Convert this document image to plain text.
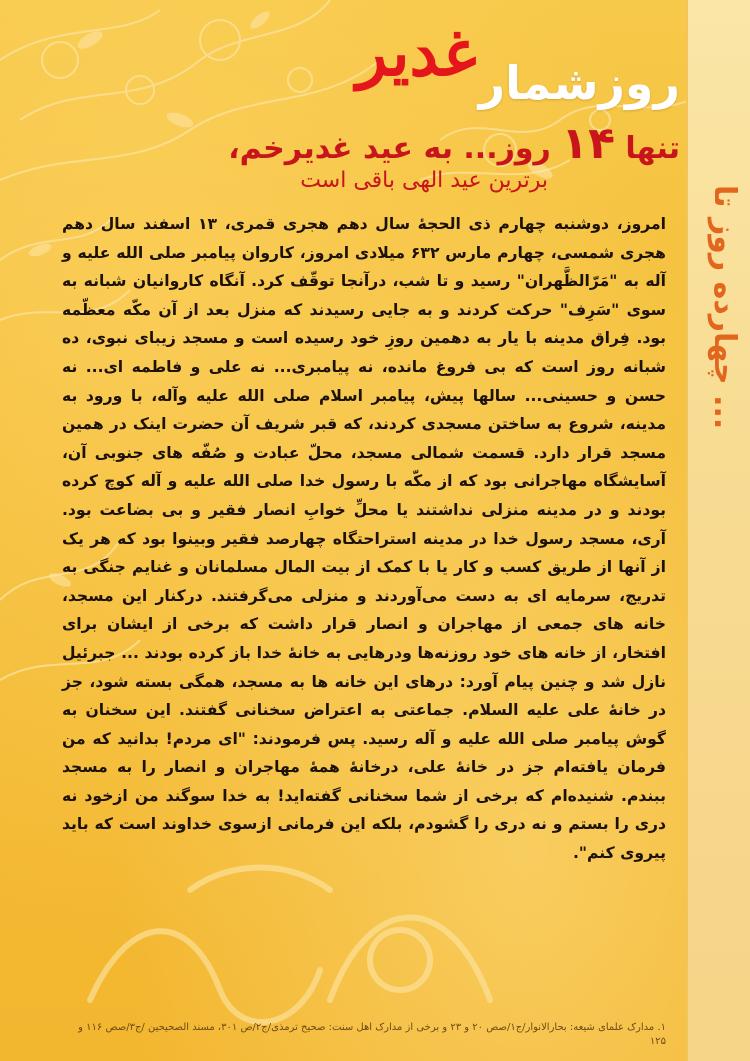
چهارده روز تا ...
روزشمار
غدیر
تنها ۱۴ روز... به عید غدیرخم،
برترین عید الهی باقی است
امروز، دوشنبه چهارم ذی الحجهٔ سال دهم هجری قمری، ۱۳ اسفند سال دهم هجری شمسی، چهارم مارس ۶۳۲ میلادی امروز، کاروان پیامبر صلی الله علیه و آله به "مَرّالظَّهران" رسید و تا شب، درآنجا توقّف کرد. آنگاه کاروانیان شبانه به سوی "سَرِف" حرکت کردند و به جایی رسیدند که منزل بعد از آن مکّه معظّمه بود. فِراق مدینه با یار به دهمین روزِ خود رسیده است و مسجد زیبای نبوی، ده شبانه روز است که بی فروغ مانده، نه پیامبری... نه علی و فاطمه ای... نه حسن و حسینی... سالها پیش، پیامبر اسلام صلی الله علیه وآله، با ورود به مدینه، شروع به ساختن مسجدی کردند، که قبر شریف آن حضرت اینک در همین مسجد قرار دارد. قسمت شمالی مسجد، محلّ عبادت و صُفّه های جنوبی آن، آسایشگاه مهاجرانی بود که از مکّه با رسول خدا صلی الله علیه و آله کوچ کرده بودند و در مدینه منزلی نداشتند یا محلِّ خوابِ انصار فقیر و بی بضاعت بود. آری، مسجد رسول خدا در مدینه استراحتگاه چهارصد فقیر وبینوا بود که هر یک از آنها از طریق کسب و کار یا با کمک از بیت المال مسلمانان و غنایم جنگی به تدریج، سرمایه ای به دست می‌آوردند و منزلی می‌گرفتند. درکنار این مسجد، خانه های جمعی از مهاجران و انصار قرار داشت که برخی از ایشان برای افتخار، از خانه های خود روزنه‌ها ودرهایی به خانهٔ خدا باز کرده بودند ... جبرئیل نازل شد و چنین پیام آورد: درهای این خانه ها به مسجد، همگی بسته شود، جز در خانهٔ علی علیه السلام. جماعتی به اعتراض سخنانی گفتند. این سخنان به گوش پیامبر صلی الله علیه و آله رسید. پس فرمودند: "ای مردم! بدانید که من فرمان یافته‌ام جز در خانهٔ علی، درخانهٔ همهٔ مهاجران و انصار را به مسجد ببندم. شنیده‌ام که برخی از شما سخنانی گفته‌اید! به خدا سوگند من ازخود نه دری را بستم و نه دری را گشودم، بلکه این فرمانی ازسوی خداوند است که باید پیروی کنم".
۱. مدارک علمای شیعه: بحارالانوار/ج۱/صص ۲۰ و ۲۳ و برخی از مدارک اهل سنت: صحیح ترمذی/ج۲/ص ۳۰۱، مسند الصحیحین /ج۳/صص ۱۱۶ و ۱۲۵
